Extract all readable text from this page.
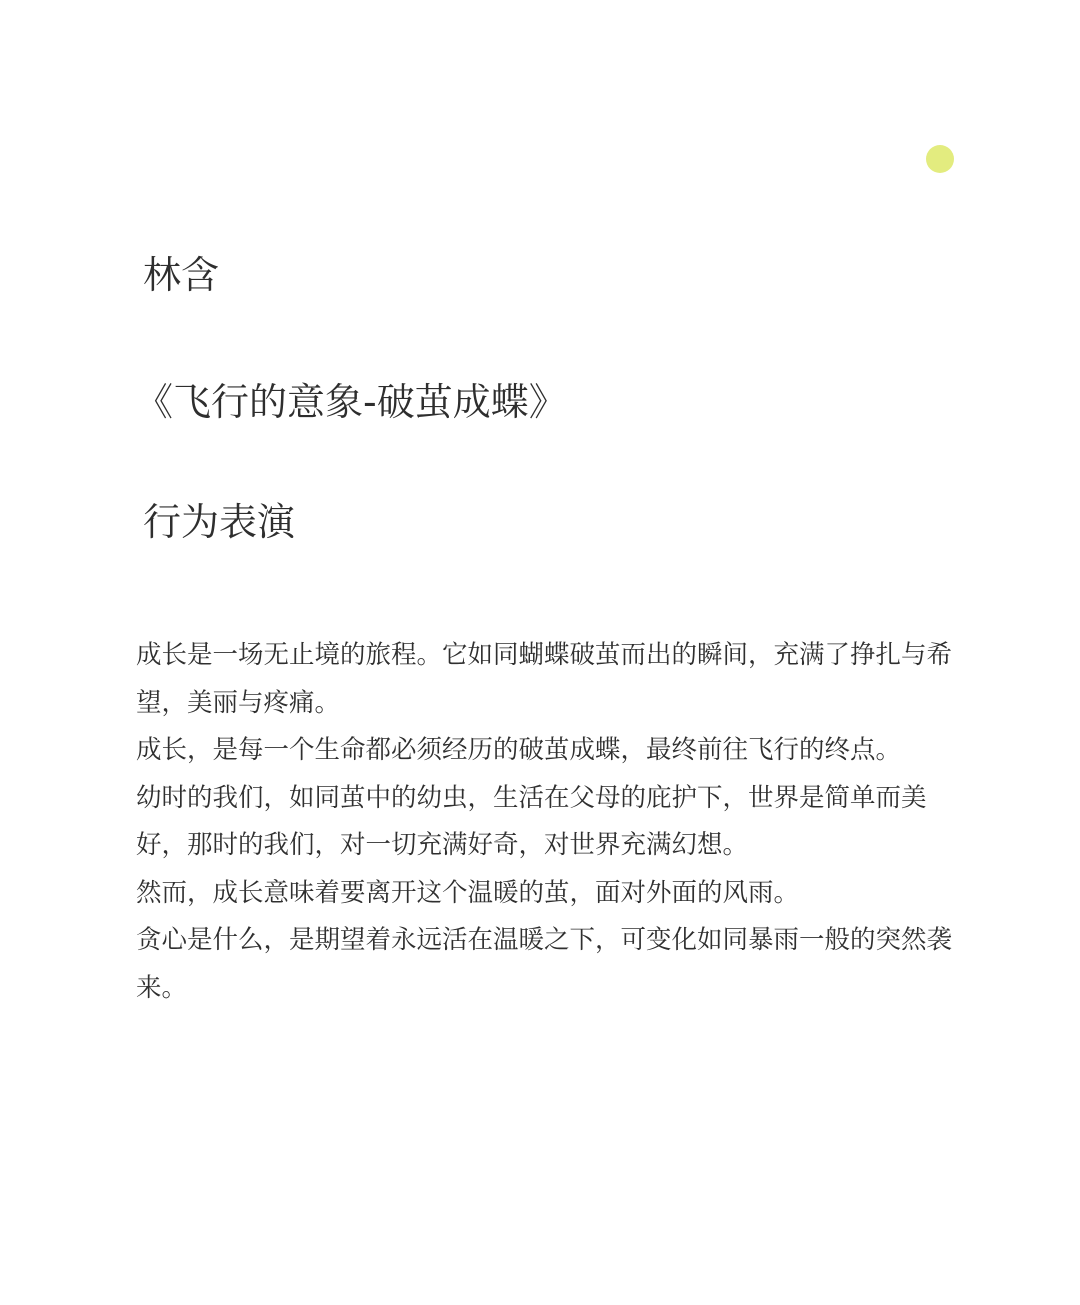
林含
《飞行的意象-破茧成蝶》
行为表演

成长是一场无止境的旅程。它如同蝴蝶破茧而出的瞬间，充满了挣扎与希望，美丽与疼痛。

成长，是每一个生命都必须经历的破茧成蝶，最终前往飞行的终点。

幼时的我们，如同茧中的幼虫，生活在父母的庇护下，世界是简单而美好，那时的我们，对一切充满好奇，对世界充满幻想。

然而，成长意味着要离开这个温暖的茧，面对外面的风雨。

贪心是什么，是期望着永远活在温暖之下，可变化如同暴雨一般的突然袭来。
